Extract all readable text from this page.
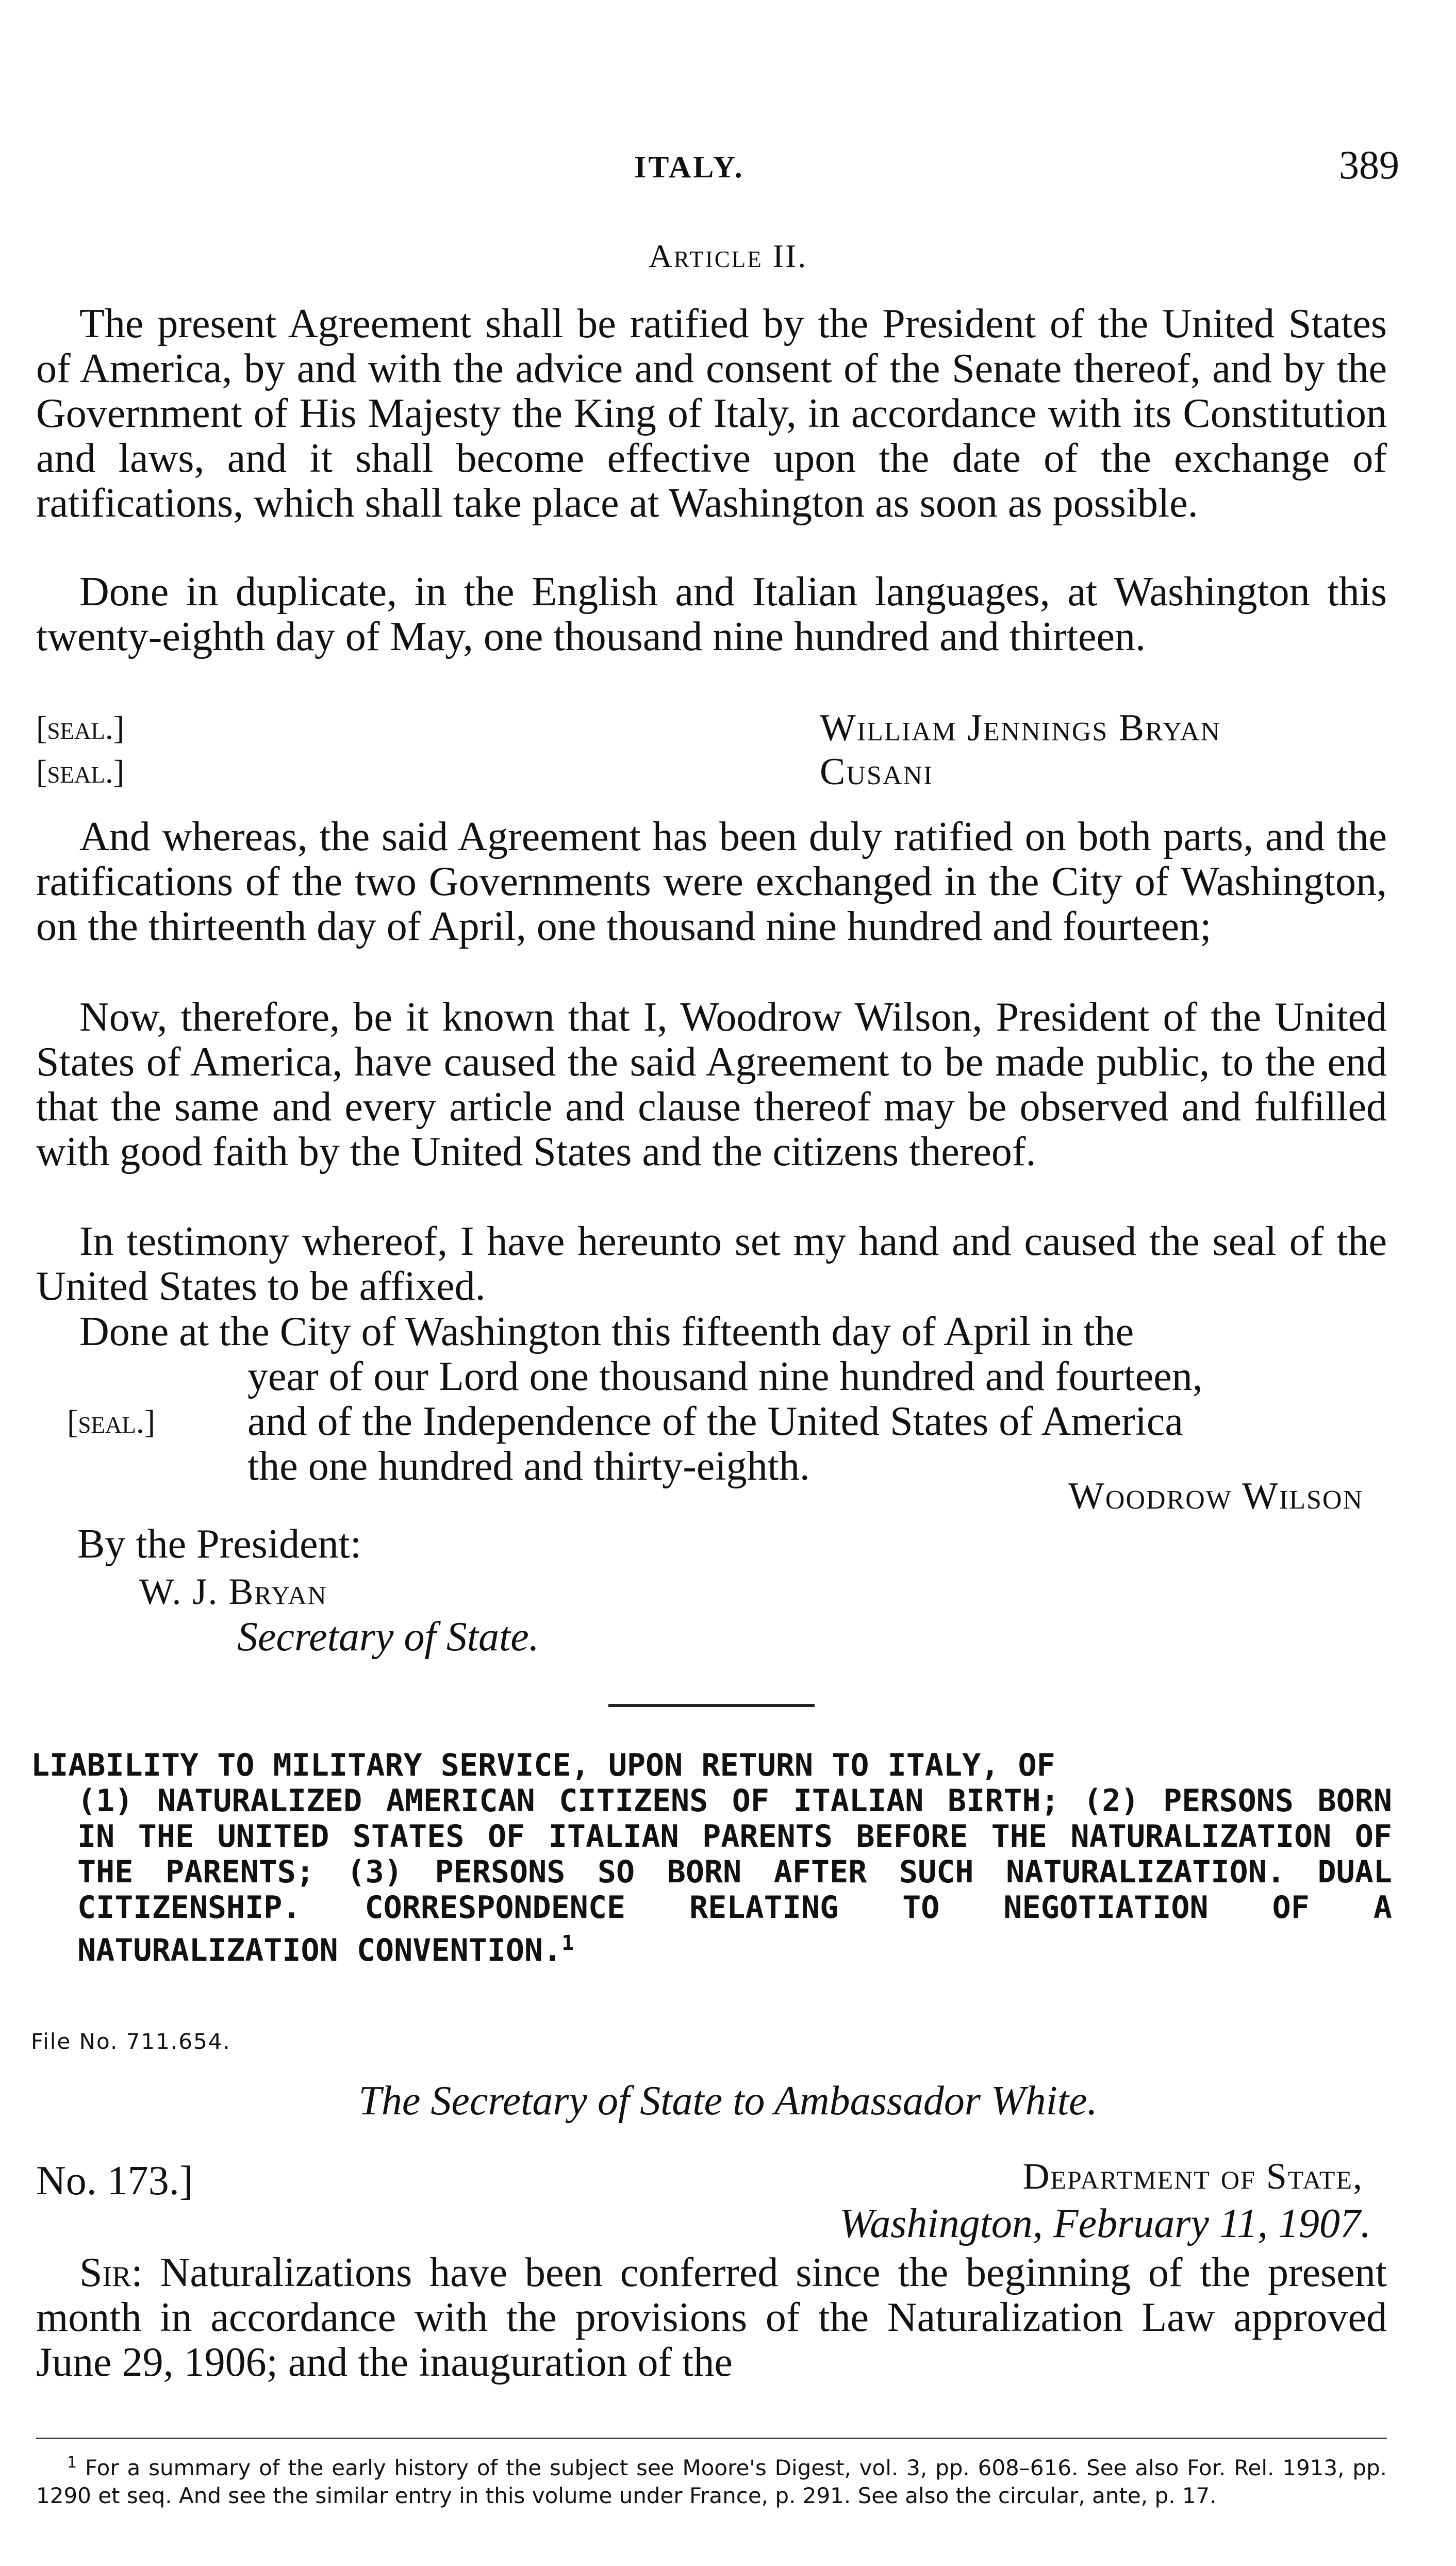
ITALY.	389
Article II.

The present Agreement shall be ratified by the President of the United States of America, by and with the advice and consent of the Senate thereof, and by the Government of His Majesty the King of Italy, in accordance with its Constitution and laws, and it shall become effective upon the date of the exchange of ratifications, which shall take place at Washington as soon as possible.

Done in duplicate, in the English and Italian languages, at Washington this twenty-eighth day of May, one thousand nine hundred and thirteen.

[seal.]	William Jennings Bryan
[seal.]	Cusani

And whereas, the said Agreement has been duly ratified on both parts, and the ratifications of the two Governments were exchanged in the City of Washington, on the thirteenth day of April, one thousand nine hundred and fourteen;

Now, therefore, be it known that I, Woodrow Wilson, President of the United States of America, have caused the said Agreement to be made public, to the end that the same and every article and clause thereof may be observed and fulfilled with good faith by the United States and the citizens thereof.

In testimony whereof, I have hereunto set my hand and caused the seal of the United States to be affixed.

Done at the City of Washington this fifteenth day of April in the
year of our Lord one thousand nine hundred and fourteen,
[seal.] and of the Independence of the United States of America
the one hundred and thirty-eighth.
Woodrow Wilson
By the President:
W. J. Bryan
Secretary of State.

LIABILITY TO MILITARY SERVICE, UPON RETURN TO ITALY, OF
(1) NATURALIZED AMERICAN CITIZENS OF ITALIAN BIRTH; (2) PERSONS BORN IN THE UNITED STATES OF ITALIAN PARENTS BEFORE THE NATURALIZATION OF THE PARENTS; (3) PERSONS SO BORN AFTER SUCH NATURALIZATION. DUAL CITIZENSHIP. CORRESPONDENCE RELATING TO NEGOTIATION OF A NATURALIZATION CONVENTION.$^1$

File No. 711.654.
The Secretary of State to Ambassador White.
No. 173.]	Department of State,
Washington, February 11, 1907.

Sir: Naturalizations have been conferred since the beginning of the present month in accordance with the provisions of the Naturalization Law approved June 29, 1906; and the inauguration of the

$^1$ For a summary of the early history of the subject see Moore's Digest, vol. 3, pp. 608–616. See also For. Rel. 1913, pp. 1290 et seq. And see the similar entry in this volume under France, p. 291. See also the circular, ante, p. 17.
